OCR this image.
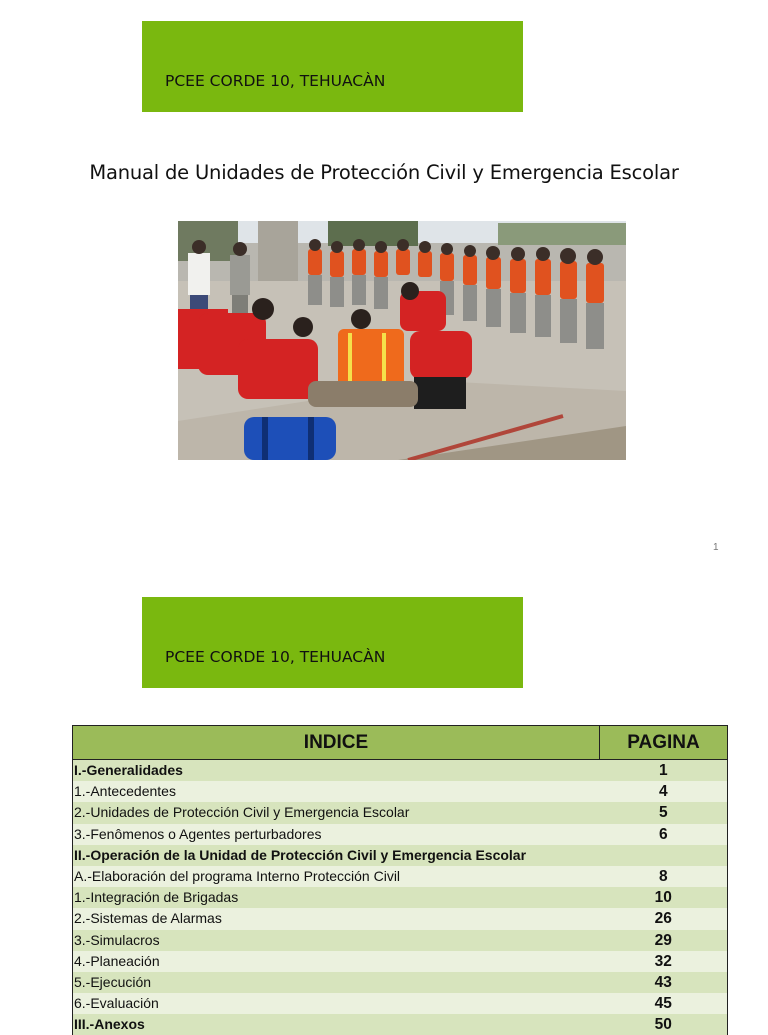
PCEE CORDE 10, TEHUACÀN
Manual de Unidades de Protección Civil y Emergencia Escolar
1
PCEE CORDE 10, TEHUACÀN
INDICE	PAGINA
I.-Generalidades	1
1.-Antecedentes	4
2.-Unidades de Protección Civil y Emergencia Escolar	5
3.-Fenômenos o Agentes perturbadores	6
II.-Operación de la Unidad de Protección Civil y Emergencia Escolar	
A.-Elaboración del programa Interno Protección Civil	8
1.-Integración de Brigadas	10
2.-Sistemas de Alarmas	26
3.-Simulacros	29
4.-Planeación	32
5.-Ejecución	43
6.-Evaluación	45
III.-Anexos	50
